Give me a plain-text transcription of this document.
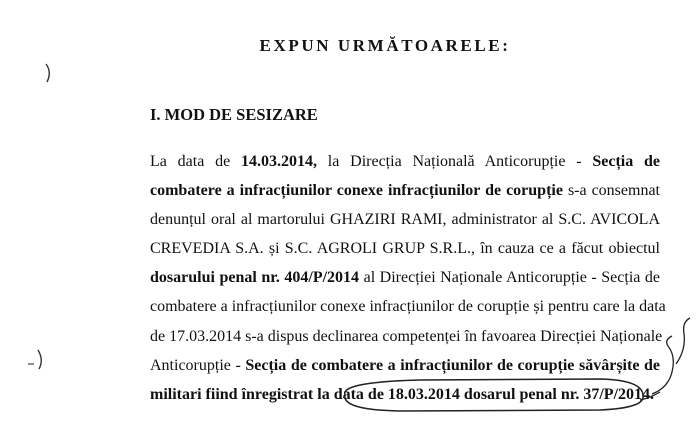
EXPUN URMĂTOARELE:
I. MOD DE SESIZARE
La data de 14.03.2014, la Direcția Națională Anticorupție - Secția de
combatere a infracțiunilor conexe infracțiunilor de corupție s-a consemnat
denunțul oral al martorului GHAZIRI RAMI, administrator al S.C. AVICOLA
CREVEDIA S.A. și S.C. AGROLI GRUP S.R.L., în cauza ce a făcut obiectul
dosarului penal nr. 404/P/2014 al Direcției Naționale Anticorupție - Secția de
combatere a infracțiunilor conexe infracțiunilor de corupție și pentru care la data
de 17.03.2014 s-a dispus declinarea competenței în favoarea Direcției Naționale
Anticorupție - Secția de combatere a infracțiunilor de corupție săvârșite de
militari fiind înregistrat la data de 18.03.2014 dosarul penal nr. 37/P/2014.
